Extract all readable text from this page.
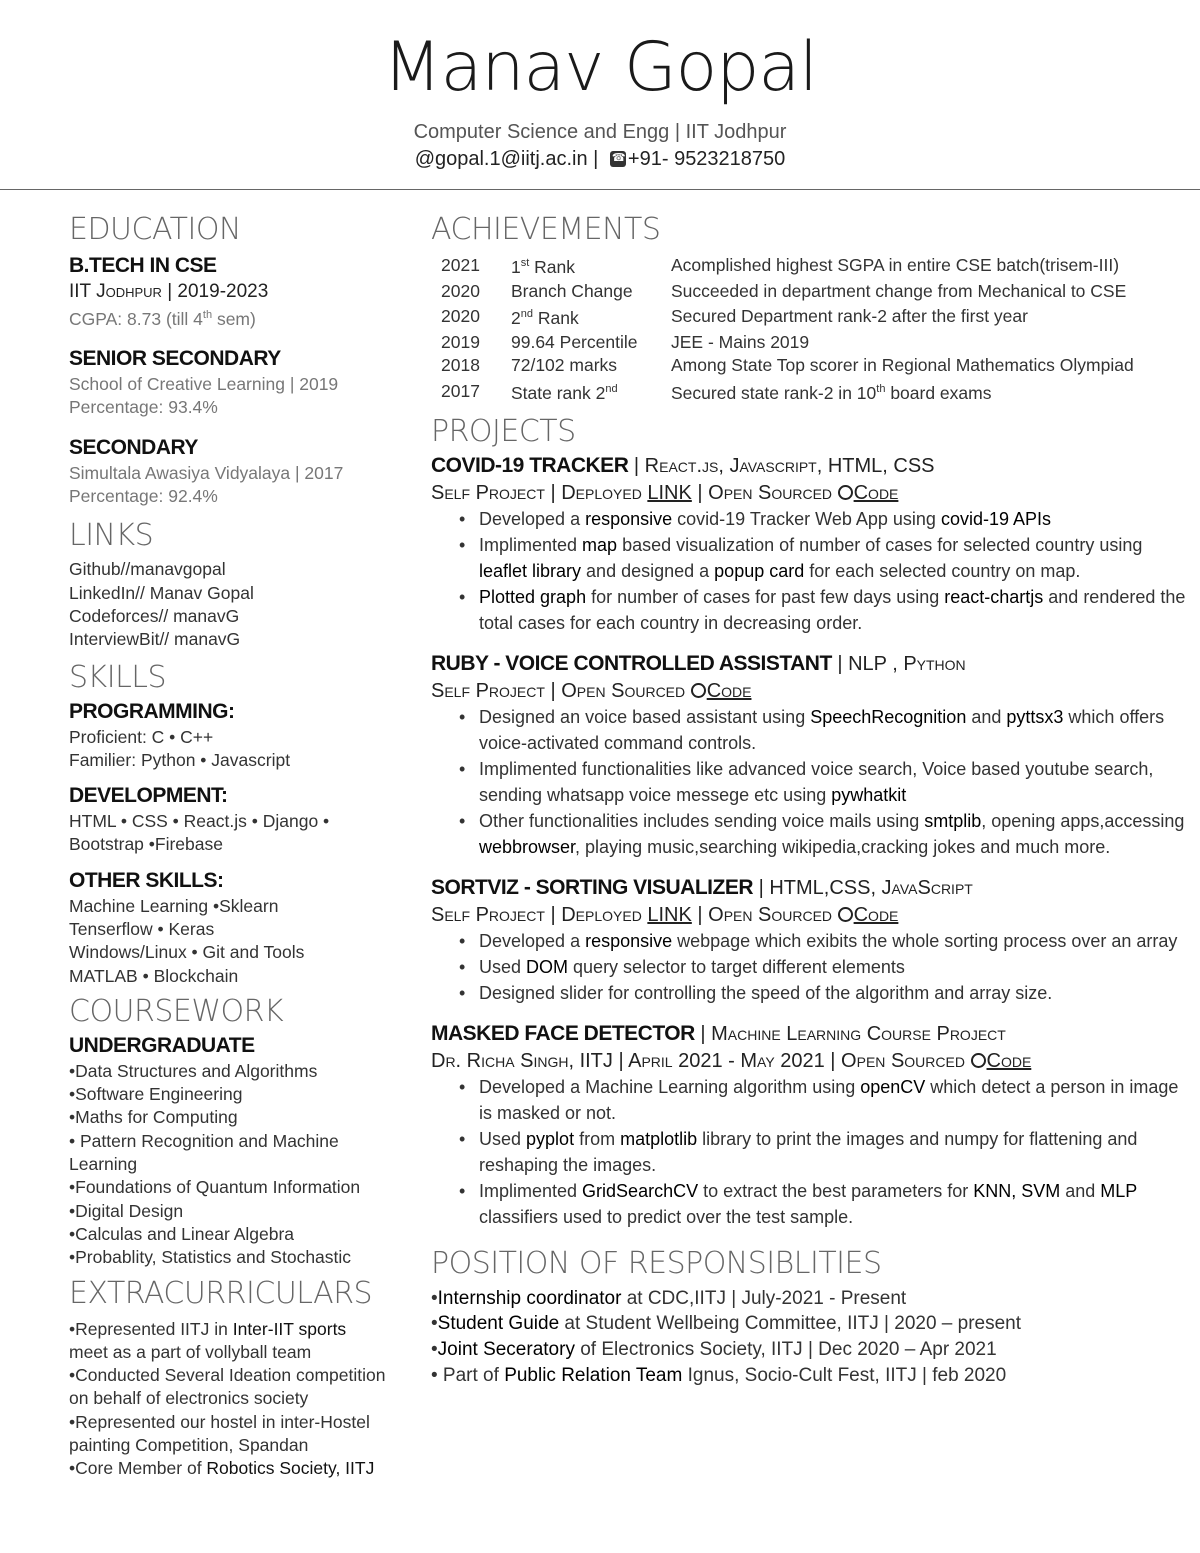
Manav Gopal
Computer Science and Engg | IIT Jodhpur
@gopal.1@iitj.ac.in | ☎ +91- 9523218750
EDUCATION
B.TECH IN CSE
IIT Jodhpur | 2019-2023
CGPA: 8.73 (till 4th sem)
SENIOR SECONDARY
School of Creative Learning | 2019
Percentage: 93.4%
SECONDARY
Simultala Awasiya Vidyalaya | 2017
Percentage: 92.4%
LINKS
Github//manavgopal
LinkedIn// Manav Gopal
Codeforces// manavG
InterviewBit// manavG
SKILLS
PROGRAMMING:
Proficient: C • C++
Familier: Python • Javascript
DEVELOPMENT:
HTML • CSS • React.js • Django •
Bootstrap •Firebase
OTHER SKILLS:
Machine Learning •Sklearn
Tenserflow • Keras
Windows/Linux • Git and Tools
MATLAB • Blockchain
COURSEWORK
UNDERGRADUATE
•Data Structures and Algorithms
•Software Engineering
•Maths for Computing
• Pattern Recognition and Machine
Learning
•Foundations of Quantum Information
•Digital Design
•Calculas and Linear Algebra
•Probablity, Statistics and Stochastic
EXTRACURRICULARS
•Represented IITJ in Inter-IIT sports
meet as a part of vollyball team
•Conducted Several Ideation competition
on behalf of electronics society
•Represented our hostel in inter-Hostel
painting Competition, Spandan
•Core Member of Robotics Society, IITJ
ACHIEVEMENTS
2021	1st Rank	Acomplished highest SGPA in entire CSE batch(trisem-III)
2020	Branch Change	Succeeded in department change from Mechanical to CSE
2020	2nd Rank	Secured Department rank-2 after the first year
2019	99.64 Percentile	JEE - Mains 2019
2018	72/102 marks	Among State Top scorer in Regional Mathematics Olympiad
2017	State rank 2nd	Secured state rank-2 in 10th board exams
PROJECTS
COVID-19 TRACKER | React.js, Javascript, HTML, CSS
Self Project | Deployed LINK | Open Sourced Code
• Developed a responsive covid-19 Tracker Web App using covid-19 APIs
• Implimented map based visualization of number of cases for selected country using leaflet library and designed a popup card for each selected country on map.
• Plotted graph for number of cases for past few days using react-chartjs and rendered the total cases for each country in decreasing order.
RUBY - VOICE CONTROLLED ASSISTANT | NLP , Python
Self Project | Open Sourced Code
• Designed an voice based assistant using SpeechRecognition and pyttsx3 which offers voice-activated command controls.
• Implimented functionalities like advanced voice search, Voice based youtube search, sending whatsapp voice messege etc using pywhatkit
• Other functionalities includes sending voice mails using smtplib, opening apps,accessing webbrowser, playing music,searching wikipedia,cracking jokes and much more.
SORTVIZ - SORTING VISUALIZER | HTML,CSS, JavaScript
Self Project | Deployed LINK | Open Sourced Code
• Developed a responsive webpage which exibits the whole sorting process over an array
• Used DOM query selector to target different elements
• Designed slider for controlling the speed of the algorithm and array size.
MASKED FACE DETECTOR | Machine Learning Course Project
Dr. Richa Singh, IITJ | April 2021 - May 2021 | Open Sourced Code
• Developed a Machine Learning algorithm using openCV which detect a person in image is masked or not.
• Used pyplot from matplotlib library to print the images and numpy for flattening and reshaping the images.
• Implimented GridSearchCV to extract the best parameters for KNN, SVM and MLP classifiers used to predict over the test sample.
POSITION OF RESPONSIBLITIES
•Internship coordinator at CDC,IITJ | July-2021 - Present
•Student Guide at Student Wellbeing Committee, IITJ | 2020 – present
•Joint Seceratory of Electronics Society, IITJ | Dec 2020 – Apr 2021
• Part of Public Relation Team Ignus, Socio-Cult Fest, IITJ | feb 2020
